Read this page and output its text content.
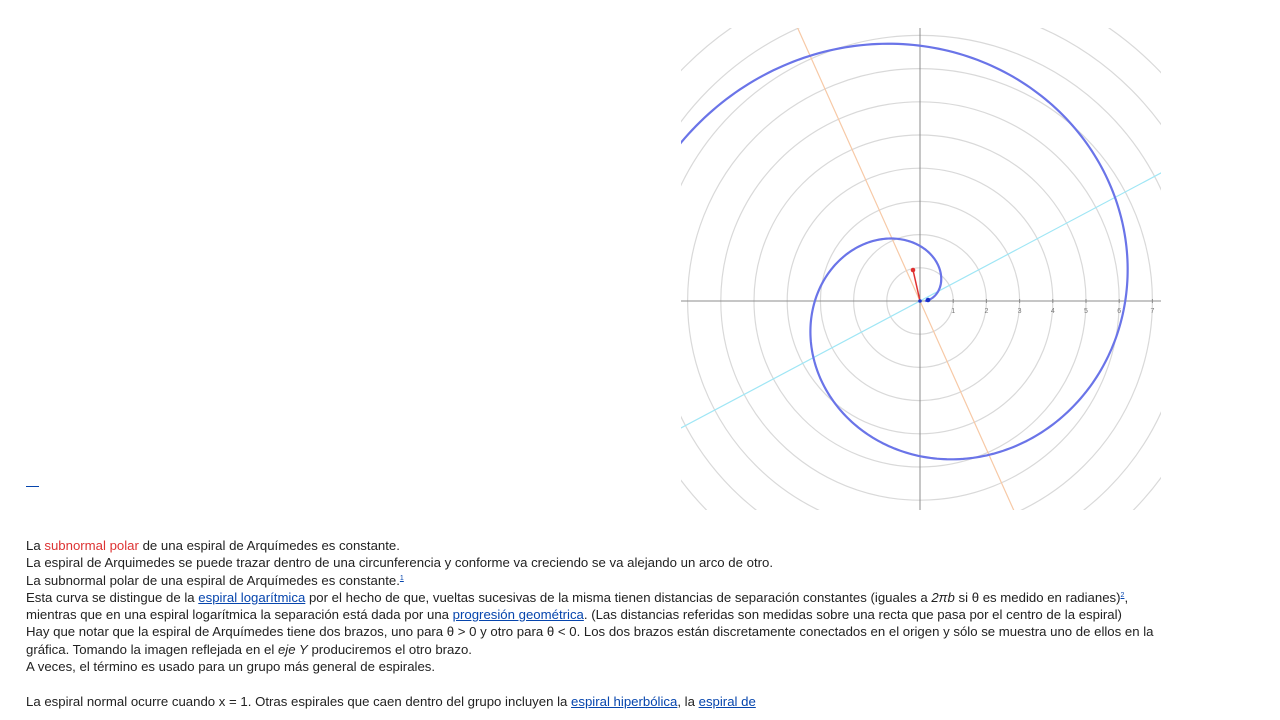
1	2	3	4	5	6	7

La subnormal polar de una espiral de Arquímedes es constante.

La espiral de Arquimedes se puede trazar dentro de una circunferencia y conforme va creciendo se va alejando un arco de otro.

La subnormal polar de una espiral de Arquímedes es constante.$^1$

Esta curva se distingue de la espiral logarítmica por el hecho de que, vueltas sucesivas de la misma tienen distancias de separación constantes (iguales a 2πb si θ es medido en radianes)$^2$,
mientras que en una espiral logarítmica la separación está dada por una progresión geométrica. (Las distancias referidas son medidas sobre una recta que pasa por el centro de la espiral)

Hay que notar que la espiral de Arquímedes tiene dos brazos, uno para θ > 0 y otro para θ < 0. Los dos brazos están discretamente conectados en el origen y sólo se muestra uno de ellos en la
gráfica. Tomando la imagen reflejada en el eje Y produciremos el otro brazo.

A veces, el término es usado para un grupo más general de espirales.

La espiral normal ocurre cuando x = 1. Otras espirales que caen dentro del grupo incluyen la espiral hiperbólica, la espiral de
